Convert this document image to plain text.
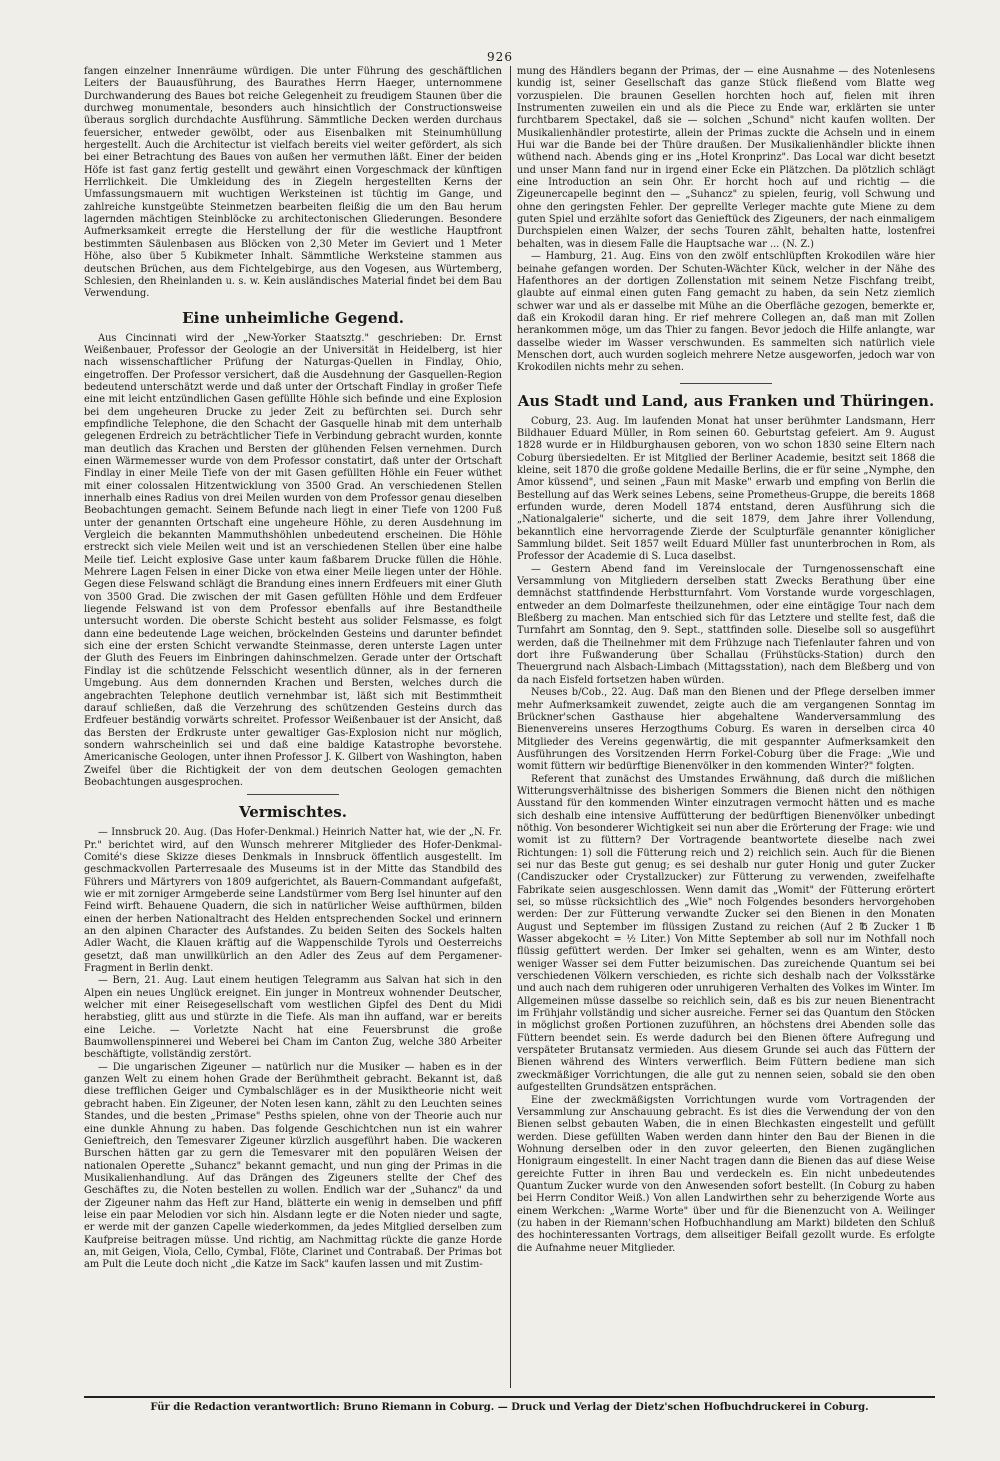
926

fangen einzelner Innenräume würdigen. Die unter Führung des geschäftlichen Leiters der Bauausführung, des Baurathes Herrn Haeger, unternommene Durchwanderung des Baues bot reiche Gelegenheit zu freudigem Staunen über die durchweg monumentale, besonders auch hinsichtlich der Constructionsweise überaus sorglich durchdachte Ausführung. Sämmtliche Decken werden durchaus feuersicher, entweder gewölbt, oder aus Eisenbalken mit Steinumhüllung hergestellt. Auch die Architectur ist vielfach bereits viel weiter gefördert, als sich bei einer Betrachtung des Baues von außen her vermuthen läßt. Einer der beiden Höfe ist fast ganz fertig gestellt und gewährt einen Vorgeschmack der künftigen Herrlichkeit. Die Umkleidung des in Ziegeln hergestellten Kerns der Umfassungsmauern mit wuchtigen Werksteinen ist tüchtig im Gange, und zahlreiche kunstgeübte Steinmetzen bearbeiten fleißig die um den Bau herum lagernden mächtigen Steinblöcke zu architectonischen Gliederungen. Besondere Aufmerksamkeit erregte die Herstellung der für die westliche Hauptfront bestimmten Säulenbasen aus Blöcken von 2,30 Meter im Geviert und 1 Meter Höhe, also über 5 Kubikmeter Inhalt. Sämmtliche Werksteine stammen aus deutschen Brüchen, aus dem Fichtelgebirge, aus den Vogesen, aus Würtemberg, Schlesien, den Rheinlanden u. s. w. Kein ausländisches Material findet bei dem Bau Verwendung.

Eine unheimliche Gegend.

Aus Cincinnati wird der „New-Yorker Staatsztg." geschrieben: Dr. Ernst Weißenbauer, Professor der Geologie an der Universität in Heidelberg, ist hier nach wissenschaftlicher Prüfung der Naturgas-Quellen in Findlay, Ohio, eingetroffen. Der Professor versichert, daß die Ausdehnung der Gasquellen-Region bedeutend unterschätzt werde und daß unter der Ortschaft Findlay in großer Tiefe eine mit leicht entzündlichen Gasen gefüllte Höhle sich befinde und eine Explosion bei dem ungeheuren Drucke zu jeder Zeit zu befürchten sei. Durch sehr empfindliche Telephone, die den Schacht der Gasquelle hinab mit dem unterhalb gelegenen Erdreich zu beträchtlicher Tiefe in Verbindung gebracht wurden, konnte man deutlich das Krachen und Bersten der glühenden Felsen vernehmen. Durch einen Wärmemesser wurde von dem Professor constatirt, daß unter der Ortschaft Findlay in einer Meile Tiefe von der mit Gasen gefüllten Höhle ein Feuer wüthet mit einer colossalen Hitzentwicklung von 3500 Grad. An verschiedenen Stellen innerhalb eines Radius von drei Meilen wurden von dem Professor genau dieselben Beobachtungen gemacht. Seinem Befunde nach liegt in einer Tiefe von 1200 Fuß unter der genannten Ortschaft eine ungeheure Höhle, zu deren Ausdehnung im Vergleich die bekannten Mammuthshöhlen unbedeutend erscheinen. Die Höhle erstreckt sich viele Meilen weit und ist an verschiedenen Stellen über eine halbe Meile tief. Leicht explosive Gase unter kaum faßbarem Drucke füllen die Höhle. Mehrere Lagen Felsen in einer Dicke von etwa einer Meile liegen unter der Höhle. Gegen diese Felswand schlägt die Brandung eines innern Erdfeuers mit einer Gluth von 3500 Grad. Die zwischen der mit Gasen gefüllten Höhle und dem Erdfeuer liegende Felswand ist von dem Professor ebenfalls auf ihre Bestandtheile untersucht worden. Die oberste Schicht besteht aus solider Felsmasse, es folgt dann eine bedeutende Lage weichen, bröckelnden Gesteins und darunter befindet sich eine der ersten Schicht verwandte Steinmasse, deren unterste Lagen unter der Gluth des Feuers im Einbringen dahinschmelzen. Gerade unter der Ortschaft Findlay ist die schützende Felsschicht wesentlich dünner, als in der ferneren Umgebung. Aus dem donnernden Krachen und Bersten, welches durch die angebrachten Telephone deutlich vernehmbar ist, läßt sich mit Bestimmtheit darauf schließen, daß die Verzehrung des schützenden Gesteins durch das Erdfeuer beständig vorwärts schreitet. Professor Weißenbauer ist der Ansicht, daß das Bersten der Erdkruste unter gewaltiger Gas-Explosion nicht nur möglich, sondern wahrscheinlich sei und daß eine baldige Katastrophe bevorstehe. Americanische Geologen, unter ihnen Professor J. K. Gilbert von Washington, haben Zweifel über die Richtigkeit der von dem deutschen Geologen gemachten Beobachtungen ausgesprochen.

Vermischtes.

— Innsbruck 20. Aug. (Das Hofer-Denkmal.) Heinrich Natter hat, wie der „N. Fr. Pr." berichtet wird, auf den Wunsch mehrerer Mitglieder des Hofer-Denkmal-Comité's diese Skizze dieses Denkmals in Innsbruck öffentlich ausgestellt. Im geschmackvollen Parterresaale des Museums ist in der Mitte das Standbild des Führers und Märtyrers von 1809 aufgerichtet, als Bauern-Commandant aufgefaßt, wie er mit zorniger Armgeberde seine Landstürmer vom Berg Isel hinunter auf den Feind wirft. Behauene Quadern, die sich in natürlicher Weise aufthürmen, bilden einen der herben Nationaltracht des Helden entsprechenden Sockel und erinnern an den alpinen Character des Aufstandes. Zu beiden Seiten des Sockels halten Adler Wacht, die Klauen kräftig auf die Wappenschilde Tyrols und Oesterreichs gesetzt, daß man unwillkürlich an den Adler des Zeus auf dem Pergamener-Fragment in Berlin denkt.

— Bern, 21. Aug. Laut einem heutigen Telegramm aus Salvan hat sich in den Alpen ein neues Unglück ereignet. Ein junger in Montreux wohnender Deutscher, welcher mit einer Reisegesellschaft vom westlichen Gipfel des Dent du Midi herabstieg, glitt aus und stürzte in die Tiefe. Als man ihn auffand, war er bereits eine Leiche. — Vorletzte Nacht hat eine Feuersbrunst die große Baumwollenspinnerei und Weberei bei Cham im Canton Zug, welche 380 Arbeiter beschäftigte, vollständig zerstört.

— Die ungarischen Zigeuner — natürlich nur die Musiker — haben es in der ganzen Welt zu einem hohen Grade der Berühmtheit gebracht. Bekannt ist, daß diese trefflichen Geiger und Cymbalschläger es in der Musiktheorie nicht weit gebracht haben. Ein Zigeuner, der Noten lesen kann, zählt zu den Leuchten seines Standes, und die besten „Primase" Pesths spielen, ohne von der Theorie auch nur eine dunkle Ahnung zu haben. Das folgende Geschichtchen nun ist ein wahrer Genieftreich, den Temesvarer Zigeuner kürzlich ausgeführt haben. Die wackeren Burschen hätten gar zu gern die Temesvarer mit den populären Weisen der nationalen Operette „Suhancz" bekannt gemacht, und nun ging der Primas in die Musikalienhandlung. Auf das Drängen des Zigeuners stellte der Chef des Geschäftes zu, die Noten bestellen zu wollen. Endlich war der „Suhancz" da und der Zigeuner nahm das Heft zur Hand, blätterte ein wenig in demselben und pfiff leise ein paar Melodien vor sich hin. Alsdann legte er die Noten nieder und sagte, er werde mit der ganzen Capelle wiederkommen, da jedes Mitglied derselben zum Kaufpreise beitragen müsse. Und richtig, am Nachmittag rückte die ganze Horde an, mit Geigen, Viola, Cello, Cymbal, Flöte, Clarinet und Contrabaß. Der Primas bot am Pult die Leute doch nicht „die Katze im Sack" kaufen lassen und mit Zustim-

mung des Händlers begann der Primas, der — eine Ausnahme — des Notenlesens kundig ist, seiner Gesellschaft das ganze Stück fließend vom Blatte weg vorzuspielen. Die braunen Gesellen horchten hoch auf, fielen mit ihren Instrumenten zuweilen ein und als die Piece zu Ende war, erklärten sie unter furchtbarem Spectakel, daß sie — solchen „Schund" nicht kaufen wollten. Der Musikalienhändler protestirte, allein der Primas zuckte die Achseln und in einem Hui war die Bande bei der Thüre draußen. Der Musikalienhändler blickte ihnen wüthend nach. Abends ging er ins „Hotel Kronprinz". Das Local war dicht besetzt und unser Mann fand nur in irgend einer Ecke ein Plätzchen. Da plötzlich schlägt eine Introduction an sein Ohr. Er horcht hoch auf und richtig — die Zigeunercapelle beginnt den — „Suhancz" zu spielen, feurig, voll Schwung und ohne den geringsten Fehler. Der geprellte Verleger machte gute Miene zu dem guten Spiel und erzählte sofort das Genieftück des Zigeuners, der nach einmaligem Durchspielen einen Walzer, der sechs Touren zählt, behalten hatte, lostenfrei behalten, was in diesem Falle die Hauptsache war ... (N. Z.)

— Hamburg, 21. Aug. Eins von den zwölf entschlüpften Krokodilen wäre hier beinahe gefangen worden. Der Schuten-Wächter Kück, welcher in der Nähe des Hafenthores an der dortigen Zollenstation mit seinem Netze Fischfang treibt, glaubte auf einmal einen guten Fang gemacht zu haben, da sein Netz ziemlich schwer war und als er dasselbe mit Mühe an die Oberfläche gezogen, bemerkte er, daß ein Krokodil daran hing. Er rief mehrere Collegen an, daß man mit Zollen herankommen möge, um das Thier zu fangen. Bevor jedoch die Hilfe anlangte, war dasselbe wieder im Wasser verschwunden. Es sammelten sich natürlich viele Menschen dort, auch wurden sogleich mehrere Netze ausgeworfen, jedoch war von Krokodilen nichts mehr zu sehen.

Aus Stadt und Land, aus Franken und Thüringen.

Coburg, 23. Aug. Im laufenden Monat hat unser berühmter Landsmann, Herr Bildhauer Eduard Müller, in Rom seinen 60. Geburtstag gefeiert. Am 9. August 1828 wurde er in Hildburghausen geboren, von wo schon 1830 seine Eltern nach Coburg übersiedelten. Er ist Mitglied der Berliner Academie, besitzt seit 1868 die kleine, seit 1870 die große goldene Medaille Berlins, die er für seine „Nymphe, den Amor küssend", und seinen „Faun mit Maske" erwarb und empfing von Berlin die Bestellung auf das Werk seines Lebens, seine Prometheus-Gruppe, die bereits 1868 erfunden wurde, deren Modell 1874 entstand, deren Ausführung sich die „Nationalgalerie" sicherte, und die seit 1879, dem Jahre ihrer Vollendung, bekanntlich eine hervorragende Zierde der Sculpturfäle genannter königlicher Sammlung bildet. Seit 1857 weilt Eduard Müller fast ununterbrochen in Rom, als Professor der Academie di S. Luca daselbst.

— Gestern Abend fand im Vereinslocale der Turngenossenschaft eine Versammlung von Mitgliedern derselben statt Zwecks Berathung über eine demnächst stattfindende Herbstturnfahrt. Vom Vorstande wurde vorgeschlagen, entweder an dem Dolmarfeste theilzunehmen, oder eine eintägige Tour nach dem Bleßberg zu machen. Man entschied sich für das Letztere und stellte fest, daß die Turnfahrt am Sonntag, den 9. Sept., stattfinden solle. Dieselbe soll so ausgeführt werden, daß die Theilnehmer mit dem Frühzuge nach Tiefenlauter fahren und von dort ihre Fußwanderung über Schallau (Frühstücks-Station) durch den Theuergrund nach Alsbach-Limbach (Mittagsstation), nach dem Bleßberg und von da nach Eisfeld fortsetzen haben würden.

Neuses b/Cob., 22. Aug. Daß man den Bienen und der Pflege derselben immer mehr Aufmerksamkeit zuwendet, zeigte auch die am vergangenen Sonntag im Brückner'schen Gasthause hier abgehaltene Wanderversammlung des Bienenvereins unseres Herzogthums Coburg. Es waren in derselben circa 40 Mitglieder des Vereins gegenwärtig, die mit gespannter Aufmerksamkeit den Ausführungen des Vorsitzenden Herrn Forkel-Coburg über die Frage: „Wie und womit füttern wir bedürftige Bienenvölker in den kommenden Winter?" folgten.

Referent that zunächst des Umstandes Erwähnung, daß durch die mißlichen Witterungsverhältnisse des bisherigen Sommers die Bienen nicht den nöthigen Ausstand für den kommenden Winter einzutragen vermocht hätten und es mache sich deshalb eine intensive Auffütterung der bedürftigen Bienenvölker unbedingt nöthig. Von besonderer Wichtigkeit sei nun aber die Erörterung der Frage: wie und womit ist zu füttern? Der Vortragende beantwortete dieselbe nach zwei Richtungen: 1) soll die Fütterung reich und 2) reichlich sein. Auch für die Bienen sei nur das Beste gut genug; es sei deshalb nur guter Honig und guter Zucker (Candiszucker oder Crystallzucker) zur Fütterung zu verwenden, zweifelhafte Fabrikate seien ausgeschlossen. Wenn damit das „Womit" der Fütterung erörtert sei, so müsse rücksichtlich des „Wie" noch Folgendes besonders hervorgehoben werden: Der zur Fütterung verwandte Zucker sei den Bienen in den Monaten August und September im flüssigen Zustand zu reichen (Auf 2 ℔ Zucker 1 ℔ Wasser abgekocht = ½ Liter.) Von Mitte September ab soll nur im Nothfall noch flüssig gefüttert werden. Der Imker sei gehalten, wenn es am Winter, desto weniger Wasser sei dem Futter beizumischen. Das zureichende Quantum sei bei verschiedenen Völkern verschieden, es richte sich deshalb nach der Volksstärke und auch nach dem ruhigeren oder unruhigeren Verhalten des Volkes im Winter. Im Allgemeinen müsse dasselbe so reichlich sein, daß es bis zur neuen Bienentracht im Frühjahr vollständig und sicher ausreiche. Ferner sei das Quantum den Stöcken in möglichst großen Portionen zuzuführen, an höchstens drei Abenden solle das Füttern beendet sein. Es werde dadurch bei den Bienen öftere Aufregung und verspäteter Brutansatz vermieden. Aus diesem Grunde sei auch das Füttern der Bienen während des Winters verwerflich. Beim Füttern bediene man sich zweckmäßiger Vorrichtungen, die alle gut zu nennen seien, sobald sie den oben aufgestellten Grundsätzen entsprächen.

Eine der zweckmäßigsten Vorrichtungen wurde vom Vortragenden der Versammlung zur Anschauung gebracht. Es ist dies die Verwendung der von den Bienen selbst gebauten Waben, die in einen Blechkasten eingestellt und gefüllt werden. Diese gefüllten Waben werden dann hinter den Bau der Bienen in die Wohnung derselben oder in den zuvor geleerten, den Bienen zugänglichen Honigraum eingestellt. In einer Nacht tragen dann die Bienen das auf diese Weise gereichte Futter in ihren Bau und verdeckeln es. Ein nicht unbedeutendes Quantum Zucker wurde von den Anwesenden sofort bestellt. (In Coburg zu haben bei Herrn Conditor Weiß.) Von allen Landwirthen sehr zu beherzigende Worte aus einem Werkchen: „Warme Worte" über und für die Bienenzucht von A. Weilinger (zu haben in der Riemann'schen Hofbuchhandlung am Markt) bildeten den Schluß des hochinteressanten Vortrags, dem allseitiger Beifall gezollt wurde. Es erfolgte die Aufnahme neuer Mitglieder.

Für die Redaction verantwortlich: Bruno Riemann in Coburg. — Druck und Verlag der Dietz'schen Hofbuchdruckerei in Coburg.
